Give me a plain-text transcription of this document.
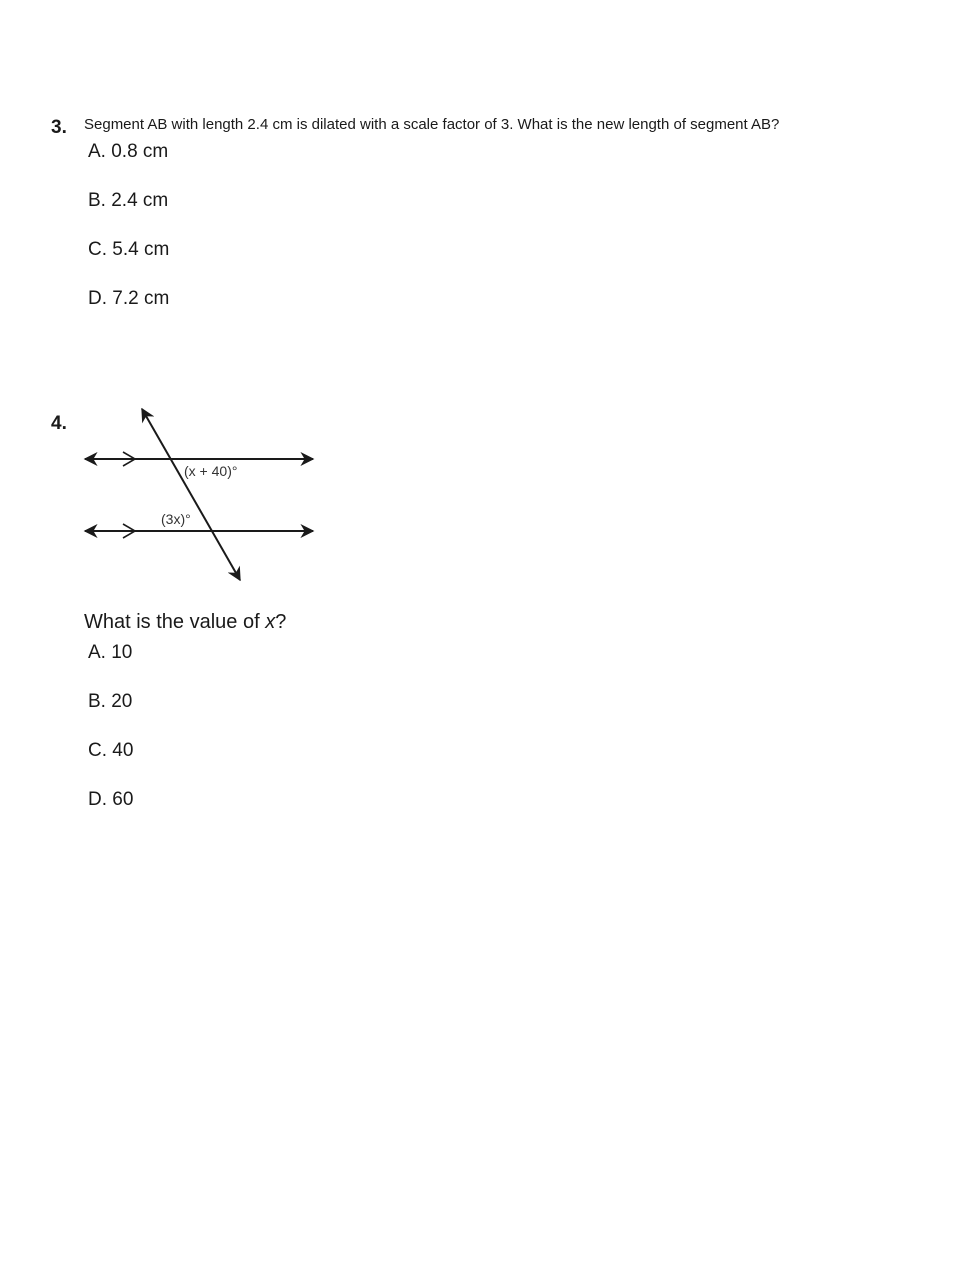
3. Segment AB with length 2.4 cm is dilated with a scale factor of 3. What is the new length of segment AB?
A. 0.8 cm
B. 2.4 cm
C. 5.4 cm
D. 7.2 cm
4.
(x + 40)°
(3x)°
What is the value of x?
A. 10
B. 20
C. 40
D. 60
